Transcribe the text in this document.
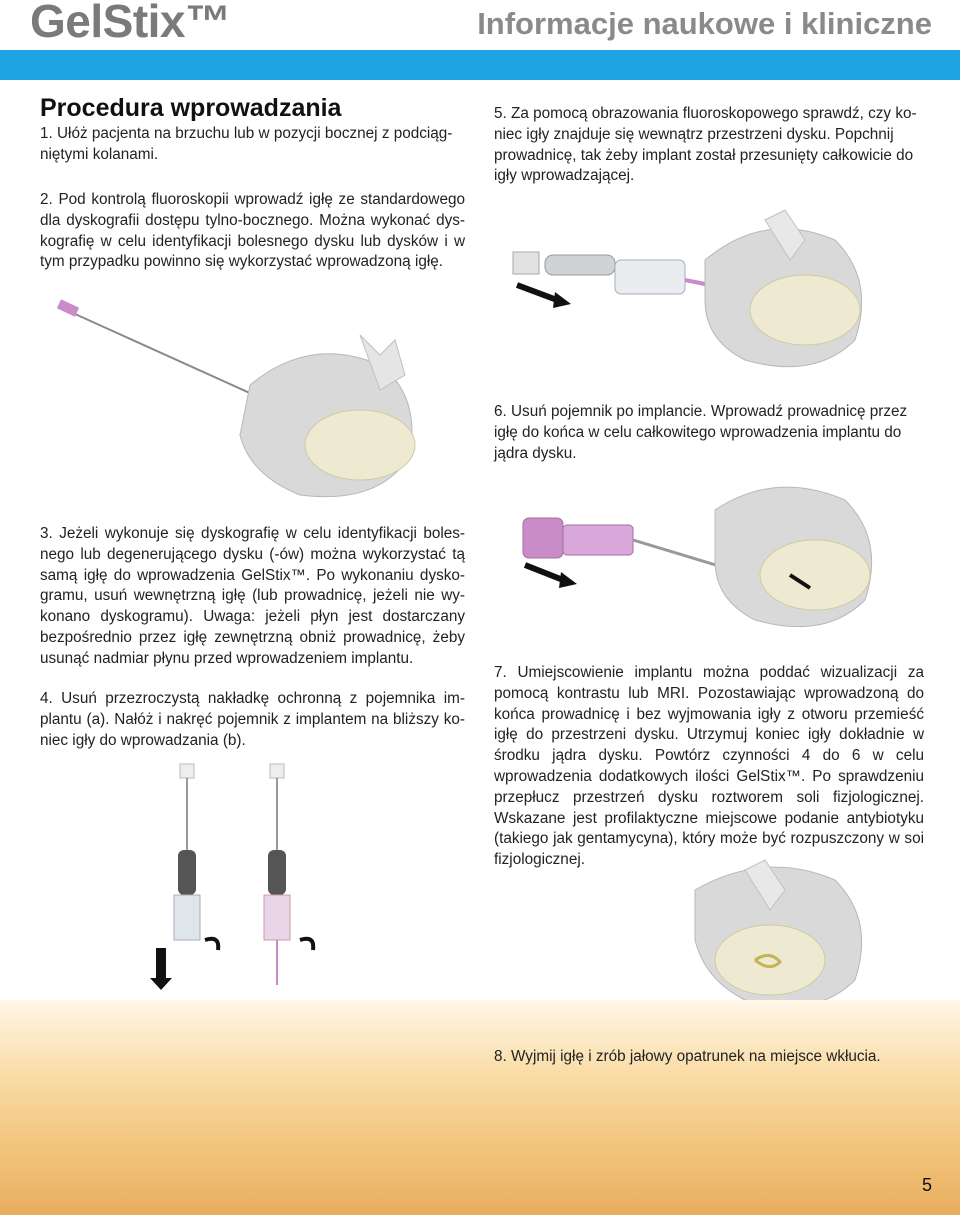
GelStix™	Informacje naukowe i kliniczne
Procedura wprowadzania

1. Ułóż pacjenta na brzuchu lub w pozycji bocznej z podciąg-niętymi kolanami.

2. Pod kontrolą fluoroskopii wprowadź igłę ze standardowego dla dyskografii dostępu tylno-bocznego. Można wykonać dys-kografię w celu identyfikacji bolesnego dysku lub dysków i w tym przypadku powinno się wykorzystać wprowadzoną igłę.

3. Jeżeli wykonuje się dyskografię w celu identyfikacji boles-nego lub degenerującego dysku (-ów) można wykorzystać tą samą igłę do wprowadzenia GelStix™. Po wykonaniu dysko-gramu, usuń wewnętrzną igłę (lub prowadnicę, jeżeli nie wy-konano dyskogramu). Uwaga: jeżeli płyn jest dostarczany bezpośrednio przez igłę zewnętrzną obniż prowadnicę, żeby usunąć nadmiar płynu przed wprowadzeniem implantu.

4. Usuń przezroczystą nakładkę ochronną z pojemnika im-plantu (a). Nałóż i nakręć pojemnik z implantem na bliższy ko-niec igły do wprowadzania (b).

5. Za pomocą obrazowania fluoroskopowego sprawdź, czy ko-niec igły znajduje się wewnątrz przestrzeni dysku. Popchnij prowadnicę, tak żeby implant został przesunięty całkowicie do igły wprowadzającej.

6. Usuń pojemnik po implancie. Wprowadź prowadnicę przez igłę do końca w celu całkowitego wprowadzenia implantu do jądra dysku.

7. Umiejscowienie implantu można poddać wizualizacji za pomocą kontrastu lub MRI. Pozostawiając wprowadzoną do końca prowadnicę i bez wyjmowania igły z otworu przemieść igłę do przestrzeni dysku. Utrzymuj koniec igły dokładnie w środku jądra dysku. Powtórz czynności 4 do 6 w celu wprowadzenia dodatkowych ilości GelStix™. Po sprawdzeniu przepłucz przestrzeń dysku roztworem soli fizjologicznej. Wskazane jest profilaktyczne miejscowe podanie antybiotyku (takiego jak gentamycyna), który może być rozpuszczony w soi fizjologicznej.

8. Wyjmij igłę i zrób jałowy opatrunek na miejsce wkłucia.

5
